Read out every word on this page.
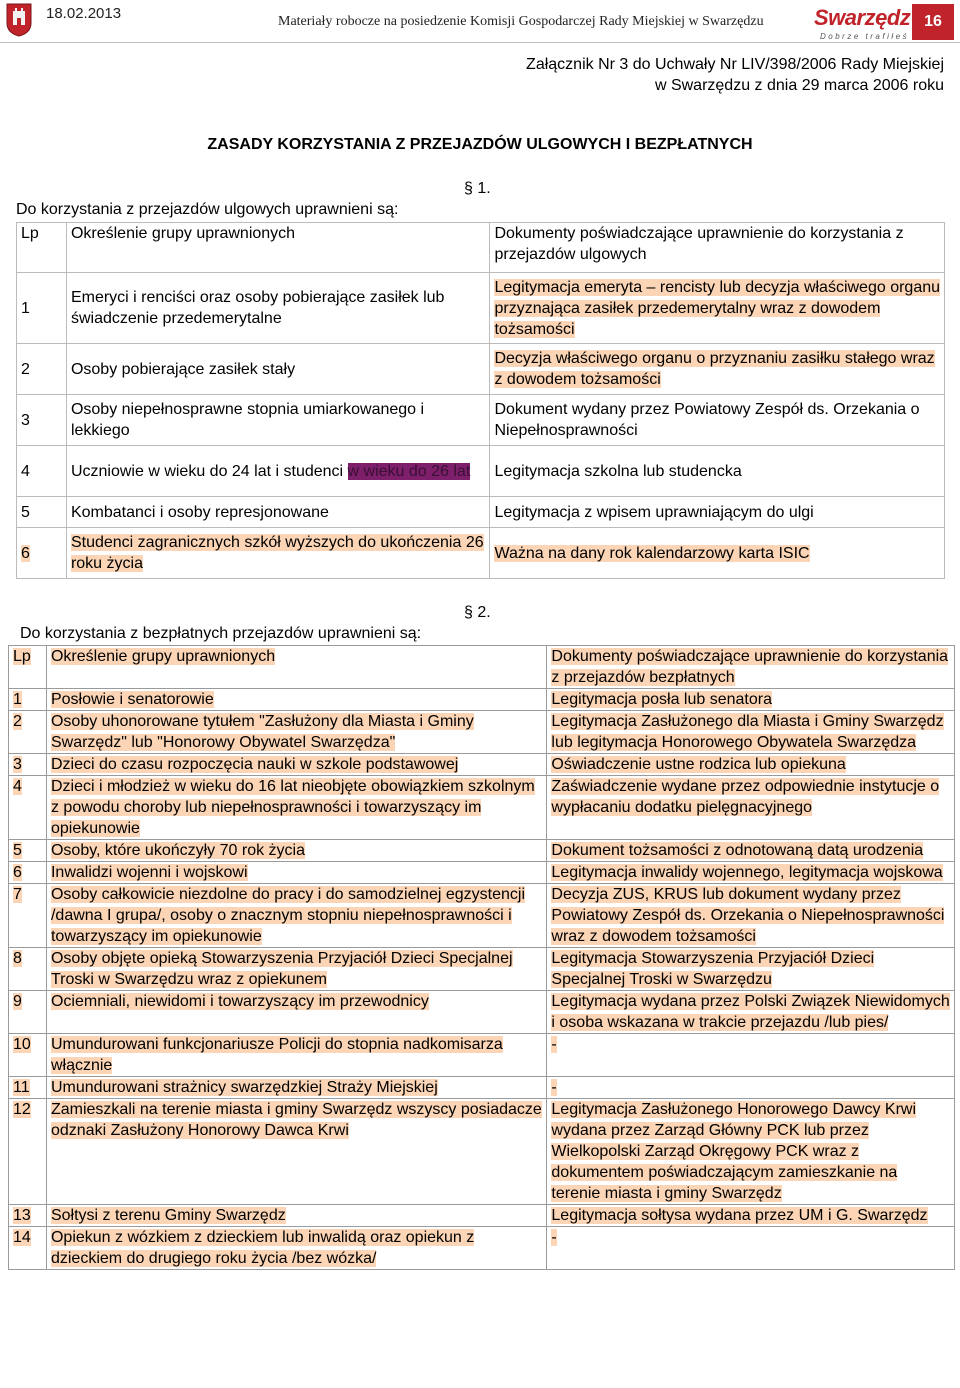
18.02.2013	Materiały robocze na posiedzenie Komisji Gospodarczej Rady Miejskiej w Swarzędzu Swarzędz
Dobrze trafiłeś
16
Załącznik Nr 3 do Uchwały Nr LIV/398/2006 Rady Miejskiej
w Swarzędzu z dnia 29 marca 2006 roku
ZASADY KORZYSTANIA Z PRZEJAZDÓW ULGOWYCH I BEZPŁATNYCH
§ 1.
Do korzystania z przejazdów ulgowych uprawnieni są:
Lp	Określenie grupy uprawnionych	Dokumenty poświadczające uprawnienie do korzystania z przejazdów ulgowych
1	Emeryci i renciści oraz osoby pobierające zasiłek lub świadczenie przedemerytalne	Legitymacja emeryta – rencisty lub decyzja właściwego organu przyznająca zasiłek przedemerytalny wraz z dowodem tożsamości
2	Osoby pobierające zasiłek stały	Decyzja właściwego organu o przyznaniu zasiłku stałego wraz z dowodem tożsamości
3	Osoby niepełnosprawne stopnia umiarkowanego i lekkiego	Dokument wydany przez Powiatowy Zespół ds. Orzekania o Niepełnosprawności
4	Uczniowie w wieku do 24 lat i studenci w wieku do 26 lat	Legitymacja szkolna lub studencka
5	Kombatanci i osoby represjonowane	Legitymacja z wpisem uprawniającym do ulgi
6	Studenci zagranicznych szkół wyższych do ukończenia 26 roku życia	Ważna na dany rok kalendarzowy karta ISIC
§ 2.
Do korzystania z bezpłatnych przejazdów uprawnieni są:
Lp	Określenie grupy uprawnionych	Dokumenty poświadczające uprawnienie do korzystania z przejazdów bezpłatnych
1	Posłowie i senatorowie	Legitymacja posła lub senatora
2	Osoby uhonorowane tytułem "Zasłużony dla Miasta i Gminy Swarzędz" lub "Honorowy Obywatel Swarzędza"	Legitymacja Zasłużonego dla Miasta i Gminy Swarzędz lub legitymacja Honorowego Obywatela Swarzędza
3	Dzieci do czasu rozpoczęcia nauki w szkole podstawowej	Oświadczenie ustne rodzica lub opiekuna
4	Dzieci i młodzież w wieku do 16 lat nieobjęte obowiązkiem szkolnym z powodu choroby lub niepełnosprawności i towarzyszący im opiekunowie	Zaświadczenie wydane przez odpowiednie instytucje o wypłacaniu dodatku pielęgnacyjnego
5	Osoby, które ukończyły 70 rok życia	Dokument tożsamości z odnotowaną datą urodzenia
6	Inwalidzi wojenni i wojskowi	Legitymacja inwalidy wojennego, legitymacja wojskowa
7	Osoby całkowicie niezdolne do pracy i do samodzielnej egzystencji /dawna I grupa/, osoby o znacznym stopniu niepełnosprawności i towarzyszący im opiekunowie	Decyzja ZUS, KRUS lub dokument wydany przez Powiatowy Zespół ds. Orzekania o Niepełnosprawności wraz z dowodem tożsamości
8	Osoby objęte opieką Stowarzyszenia Przyjaciół Dzieci Specjalnej Troski w Swarzędzu wraz z opiekunem	Legitymacja Stowarzyszenia Przyjaciół Dzieci Specjalnej Troski w Swarzędzu
9	Ociemniali, niewidomi i towarzyszący im przewodnicy	Legitymacja wydana przez Polski Związek Niewidomych i osoba wskazana w trakcie przejazdu /lub pies/
10	Umundurowani funkcjonariusze Policji do stopnia nadkomisarza włącznie	-
11	Umundurowani strażnicy swarzędzkiej Straży Miejskiej	-
12	Zamieszkali na terenie miasta i gminy Swarzędz wszyscy posiadacze odznaki Zasłużony Honorowy Dawca Krwi	Legitymacja Zasłużonego Honorowego Dawcy Krwi wydana przez Zarząd Główny PCK lub przez Wielkopolski Zarząd Okręgowy PCK wraz z dokumentem poświadczającym zamieszkanie na terenie miasta i gminy Swarzędz
13	Sołtysi z terenu Gminy Swarzędz	Legitymacja sołtysa wydana przez UM i G. Swarzędz
14	Opiekun z wózkiem z dzieckiem lub inwalidą oraz opiekun z dzieckiem do drugiego roku życia /bez wózka/	-
